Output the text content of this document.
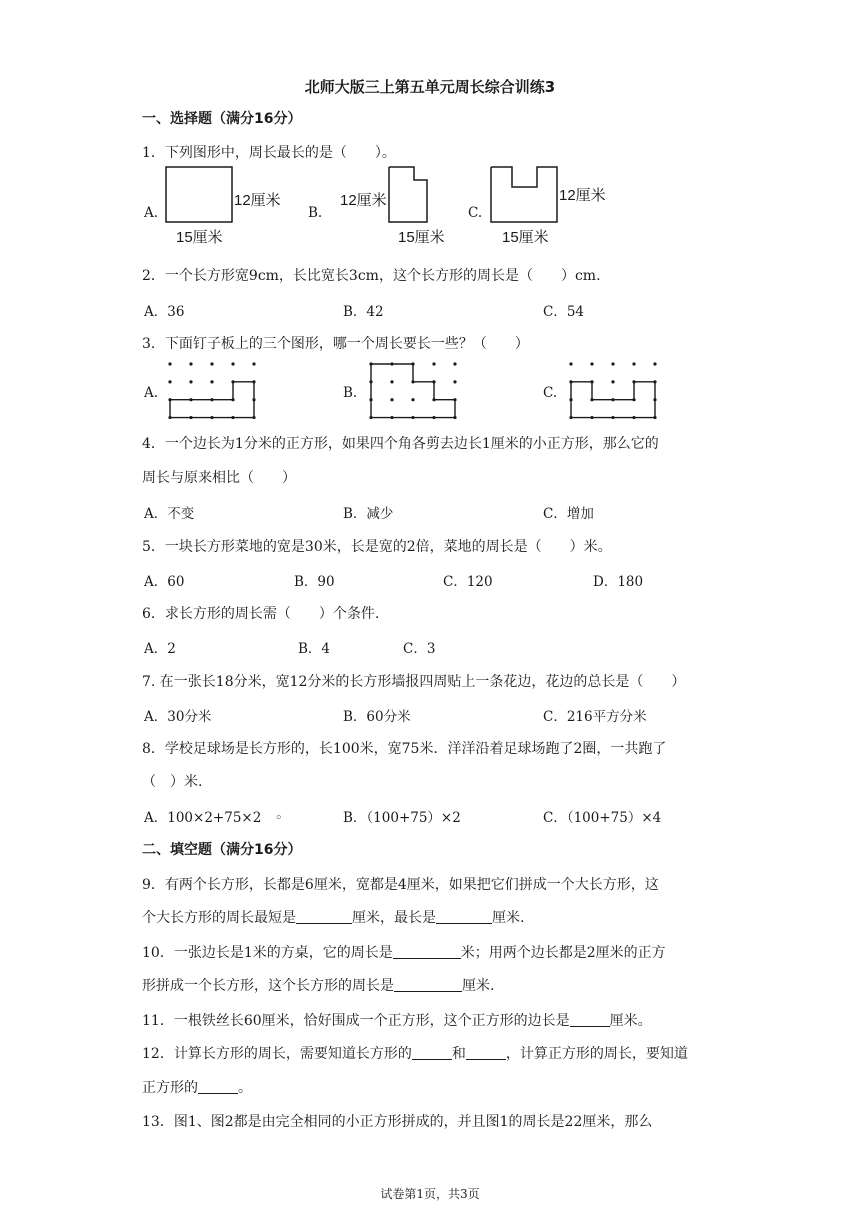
北师大版三上第五单元周长综合训练3
一、选择题（满分16分）
1．下列图形中，周长最长的是（　　）。
A.	B.	C.
12厘米
15厘米
12厘米
15厘米
12厘米
15厘米
2．一个长方形宽9cm，长比宽长3cm，这个长方形的周长是（　　）cm.
A．36	B．42	C．54
3．下面钉子板上的三个图形，哪一个周长要长一些？（　　）
A.	B.	C.
4．一个边长为1分米的正方形，如果四个角各剪去边长1厘米的小正方形，那么它的
周长与原来相比（　　）
A．不变	B．减少	C．增加
5．一块长方形菜地的宽是30米，长是宽的2倍，菜地的周长是（　　）米。
A．60	B．90	C．120	D．180
6．求长方形的周长需（　　）个条件.
A．2	B．4	C．3
7. 在一张长18分米，宽12分米的长方形墙报四周贴上一条花边，花边的总长是（　　）
A．30分米	B．60分米	C．216平方分米
8．学校足球场是长方形的，长100米，宽75米．洋洋沿着足球场跑了2圈，一共跑了
（　）米.
A．100×2+75×2　◦	B．（100+75）×2	C．（100+75）×4
二、填空题（满分16分）
9．有两个长方形，长都是6厘米，宽都是4厘米，如果把它们拼成一个大长方形，这
个大长方形的周长最短是	厘米，最长是	厘米.
10．一张边长是1米的方桌，它的周长是	米；用两个边长都是2厘米的正方
形拼成一个长方形，这个长方形的周长是	厘米.
11．一根铁丝长60厘米，恰好围成一个正方形，这个正方形的边长是	厘米。
12．计算长方形的周长，需要知道长方形的	和	，计算正方形的周长，要知道
正方形的	。
13．图1、图2都是由完全相同的小正方形拼成的，并且图1的周长是22厘米，那么
试卷第1页，共3页
